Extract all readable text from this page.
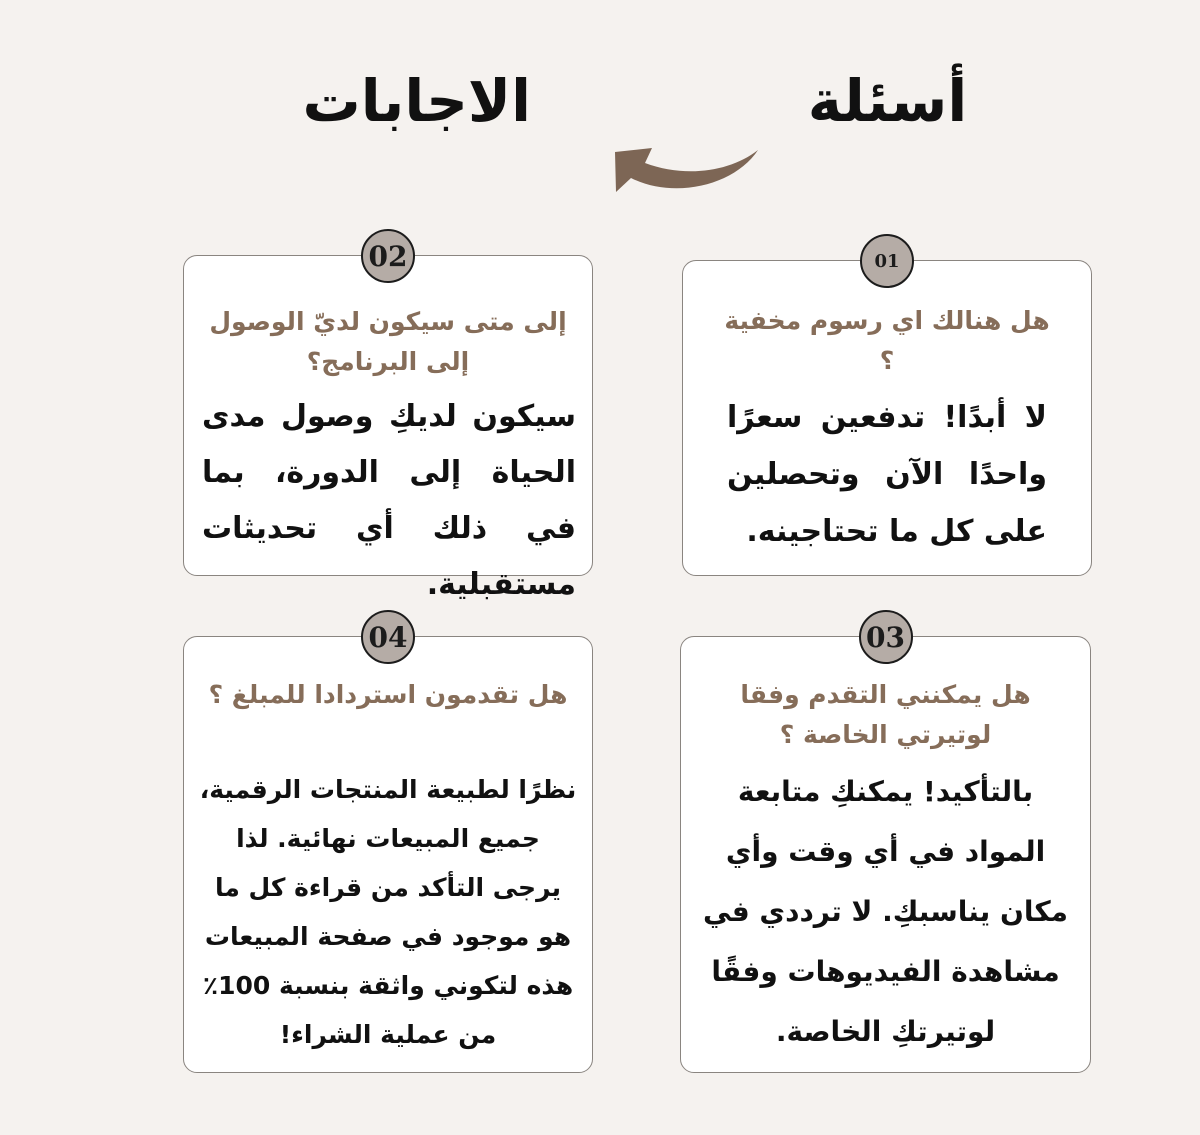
أسئلة
الاجابات
01
هل هنالك اي رسوم مخفية ؟
لا أبدًا! تدفعين سعرًا واحدًا الآن وتحصلين على كل ما تحتاجينه.
02
إلى متى سيكون لديّ الوصول إلى البرنامج؟
سيكون لديكِ وصول مدى الحياة إلى الدورة، بما في ذلك أي تحديثات مستقبلية.
03
هل يمكنني التقدم وفقا لوتيرتي الخاصة ؟
بالتأكيد! يمكنكِ متابعة المواد في أي وقت وأي مكان يناسبكِ. لا ترددي في مشاهدة الفيديوهات وفقًا لوتيرتكِ الخاصة.
04
هل تقدمون استردادا للمبلغ ؟
نظرًا لطبيعة المنتجات الرقمية، جميع المبيعات نهائية. لذا يرجى التأكد من قراءة كل ما هو موجود في صفحة المبيعات هذه لتكوني واثقة بنسبة 100٪ من عملية الشراء!
